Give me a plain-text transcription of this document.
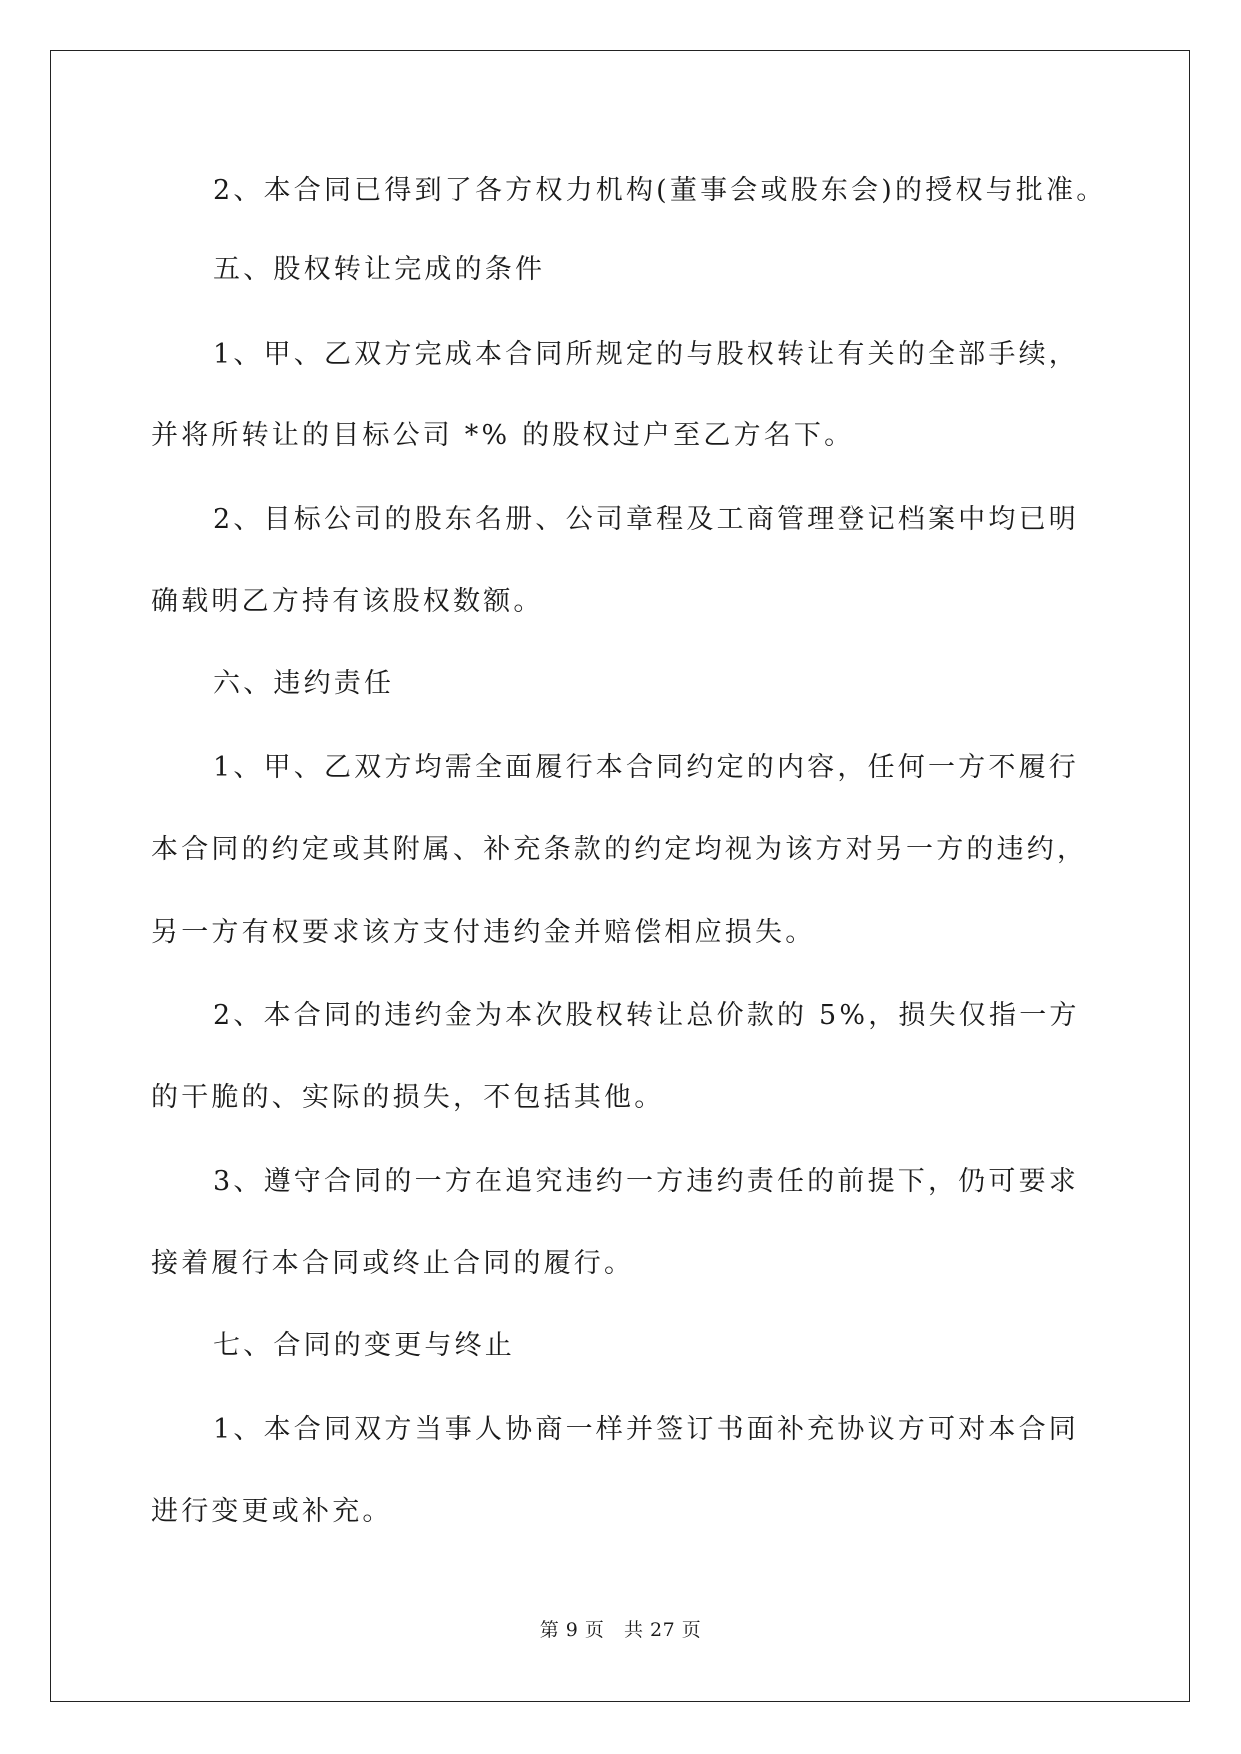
2、本合同已得到了各方权力机构(董事会或股东会)的授权与批准。
五、股权转让完成的条件
1、甲、乙双方完成本合同所规定的与股权转让有关的全部手续，
并将所转让的目标公司 *% 的股权过户至乙方名下。
2、目标公司的股东名册、公司章程及工商管理登记档案中均已明
确载明乙方持有该股权数额。
六、违约责任
1、甲、乙双方均需全面履行本合同约定的内容，任何一方不履行
本合同的约定或其附属、补充条款的约定均视为该方对另一方的违约，
另一方有权要求该方支付违约金并赔偿相应损失。
2、本合同的违约金为本次股权转让总价款的 5%，损失仅指一方
的干脆的、实际的损失，不包括其他。
3、遵守合同的一方在追究违约一方违约责任的前提下，仍可要求
接着履行本合同或终止合同的履行。
七、合同的变更与终止
1、本合同双方当事人协商一样并签订书面补充协议方可对本合同
进行变更或补充。
第 9 页   共 27 页
